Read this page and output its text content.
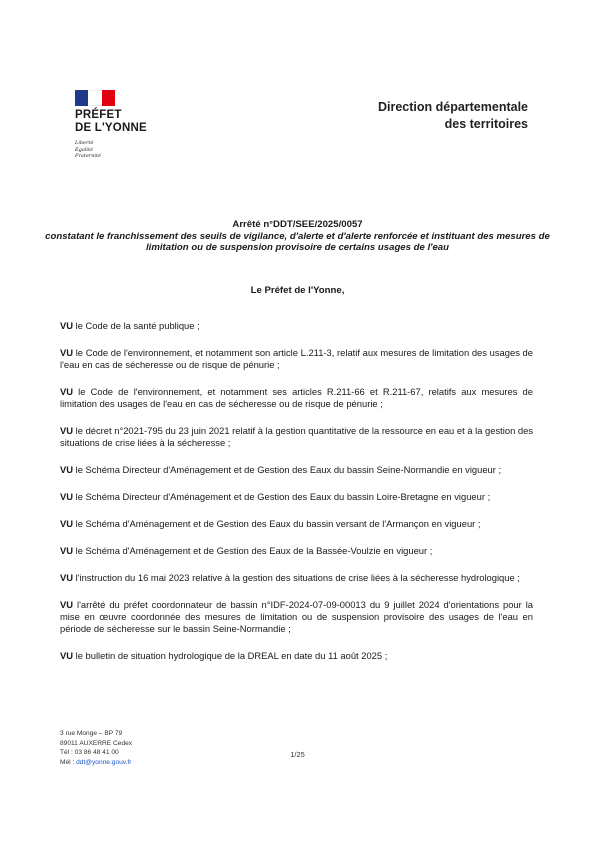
PRÉFET
DE L'YONNE
Liberté
Égalité
Fraternité
Direction départementale
des territoires
Arrêté n°DDT/SEE/2025/0057
constatant le franchissement des seuils de vigilance, d'alerte et d'alerte renforcée et instituant des mesures de limitation ou de suspension provisoire de certains usages de l'eau
Le Préfet de l'Yonne,

VU le Code de la santé publique ;

VU le Code de l'environnement, et notamment son article L.211-3, relatif aux mesures de limitation des usages de l'eau en cas de sécheresse ou de risque de pénurie ;

VU le Code de l'environnement, et notamment ses articles R.211-66 et R.211-67, relatifs aux mesures de limitation des usages de l'eau en cas de sécheresse ou de risque de pénurie ;

VU le décret n°2021-795 du 23 juin 2021 relatif à la gestion quantitative de la ressource en eau et à la gestion des situations de crise liées à la sécheresse ;

VU le Schéma Directeur d'Aménagement et de Gestion des Eaux du bassin Seine-Normandie en vigueur ;

VU le Schéma Directeur d'Aménagement et de Gestion des Eaux du bassin Loire-Bretagne en vigueur ;

VU le Schéma d'Aménagement et de Gestion des Eaux du bassin versant de l'Armançon en vigueur ;

VU le Schéma d'Aménagement et de Gestion des Eaux de la Bassée-Voulzie en vigueur ;

VU l'instruction du 16 mai 2023 relative à la gestion des situations de crise liées à la sécheresse hydrologique ;

VU l'arrêté du préfet coordonnateur de bassin n°IDF-2024-07-09-00013 du 9 juillet 2024 d'orientations pour la mise en œuvre coordonnée des mesures de limitation ou de suspension provisoire des usages de l'eau en période de sécheresse sur le bassin Seine-Normandie ;

VU le bulletin de situation hydrologique de la DREAL en date du 11 août 2025 ;

3 rue Monge – BP 79
89011 AUXERRE Cedex
Tél : 03 86 48 41 00
Mél : ddt@yonne.gouv.fr
1/25
